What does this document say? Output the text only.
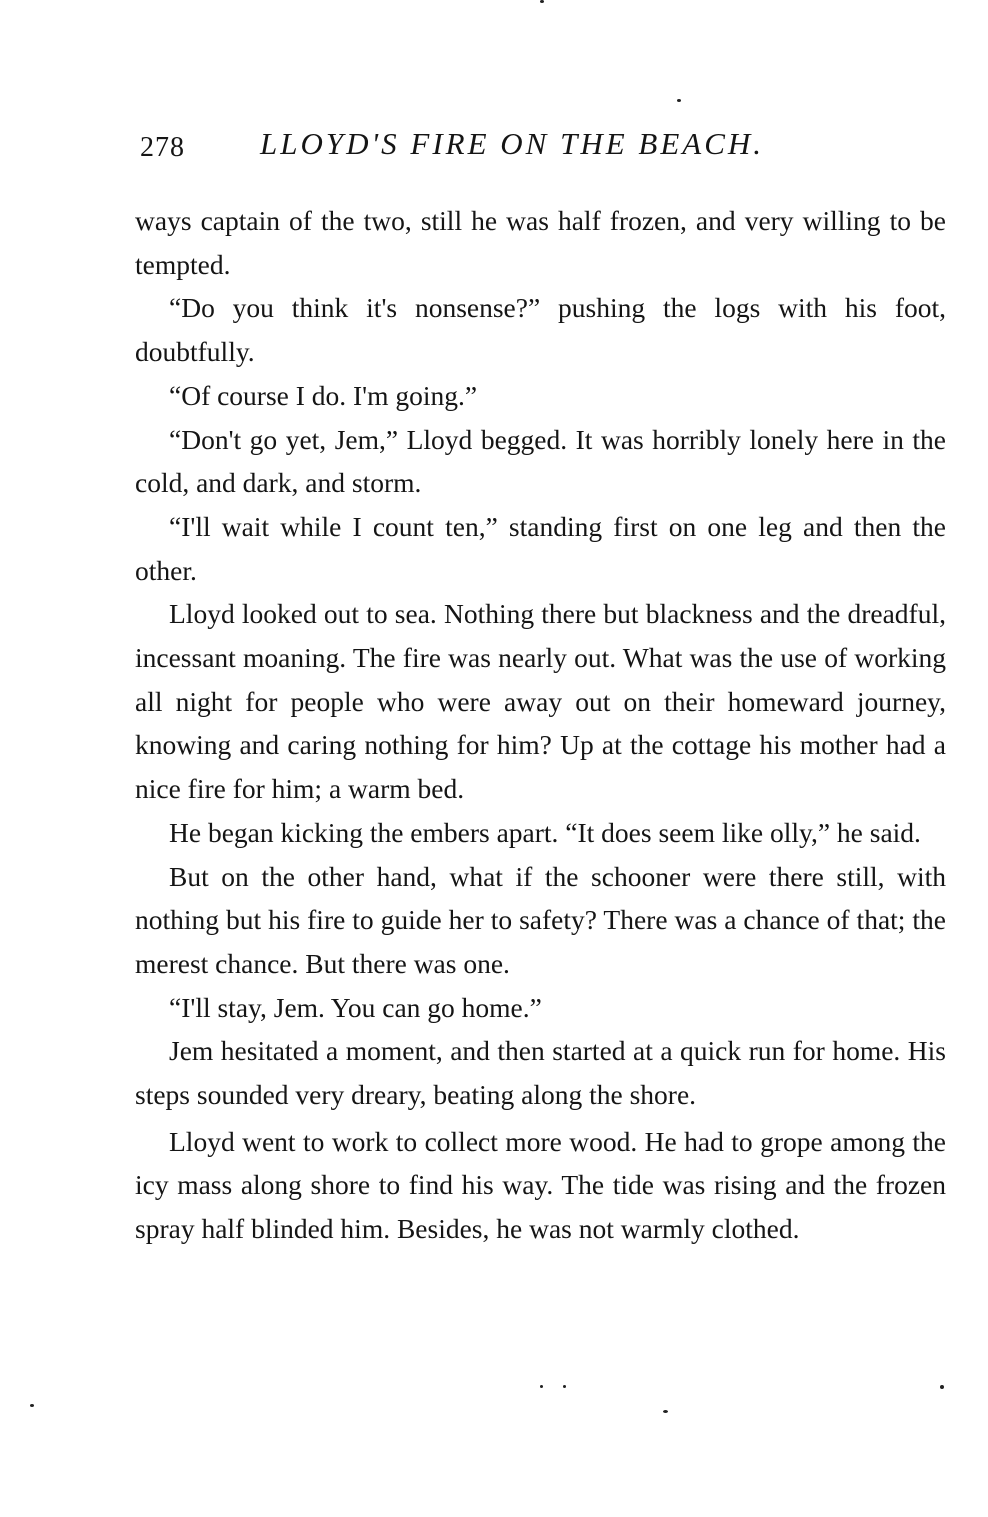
278 LLOYD'S FIRE ON THE BEACH.

ways captain of the two, still he was half frozen, and very willing to be tempted.

“Do you think it's nonsense?” pushing the logs with his foot, doubtfully.

“Of course I do. I'm going.”

“Don't go yet, Jem,” Lloyd begged. It was horribly lonely here in the cold, and dark, and storm.

“I'll wait while I count ten,” standing first on one leg and then the other.

Lloyd looked out to sea. Nothing there but blackness and the dreadful, incessant moaning. The fire was nearly out. What was the use of working all night for people who were away out on their homeward journey, knowing and caring nothing for him? Up at the cottage his mother had a nice fire for him; a warm bed.

He began kicking the embers apart. “It does seem like olly,” he said.

But on the other hand, what if the schooner were there still, with nothing but his fire to guide her to safety? There was a chance of that; the merest chance. But there was one.

“I'll stay, Jem. You can go home.”

Jem hesitated a moment, and then started at a quick run for home. His steps sounded very dreary, beating along the shore.

Lloyd went to work to collect more wood. He had to grope among the icy mass along shore to find his way. The tide was rising and the frozen spray half blinded him. Besides, he was not warmly clothed.
